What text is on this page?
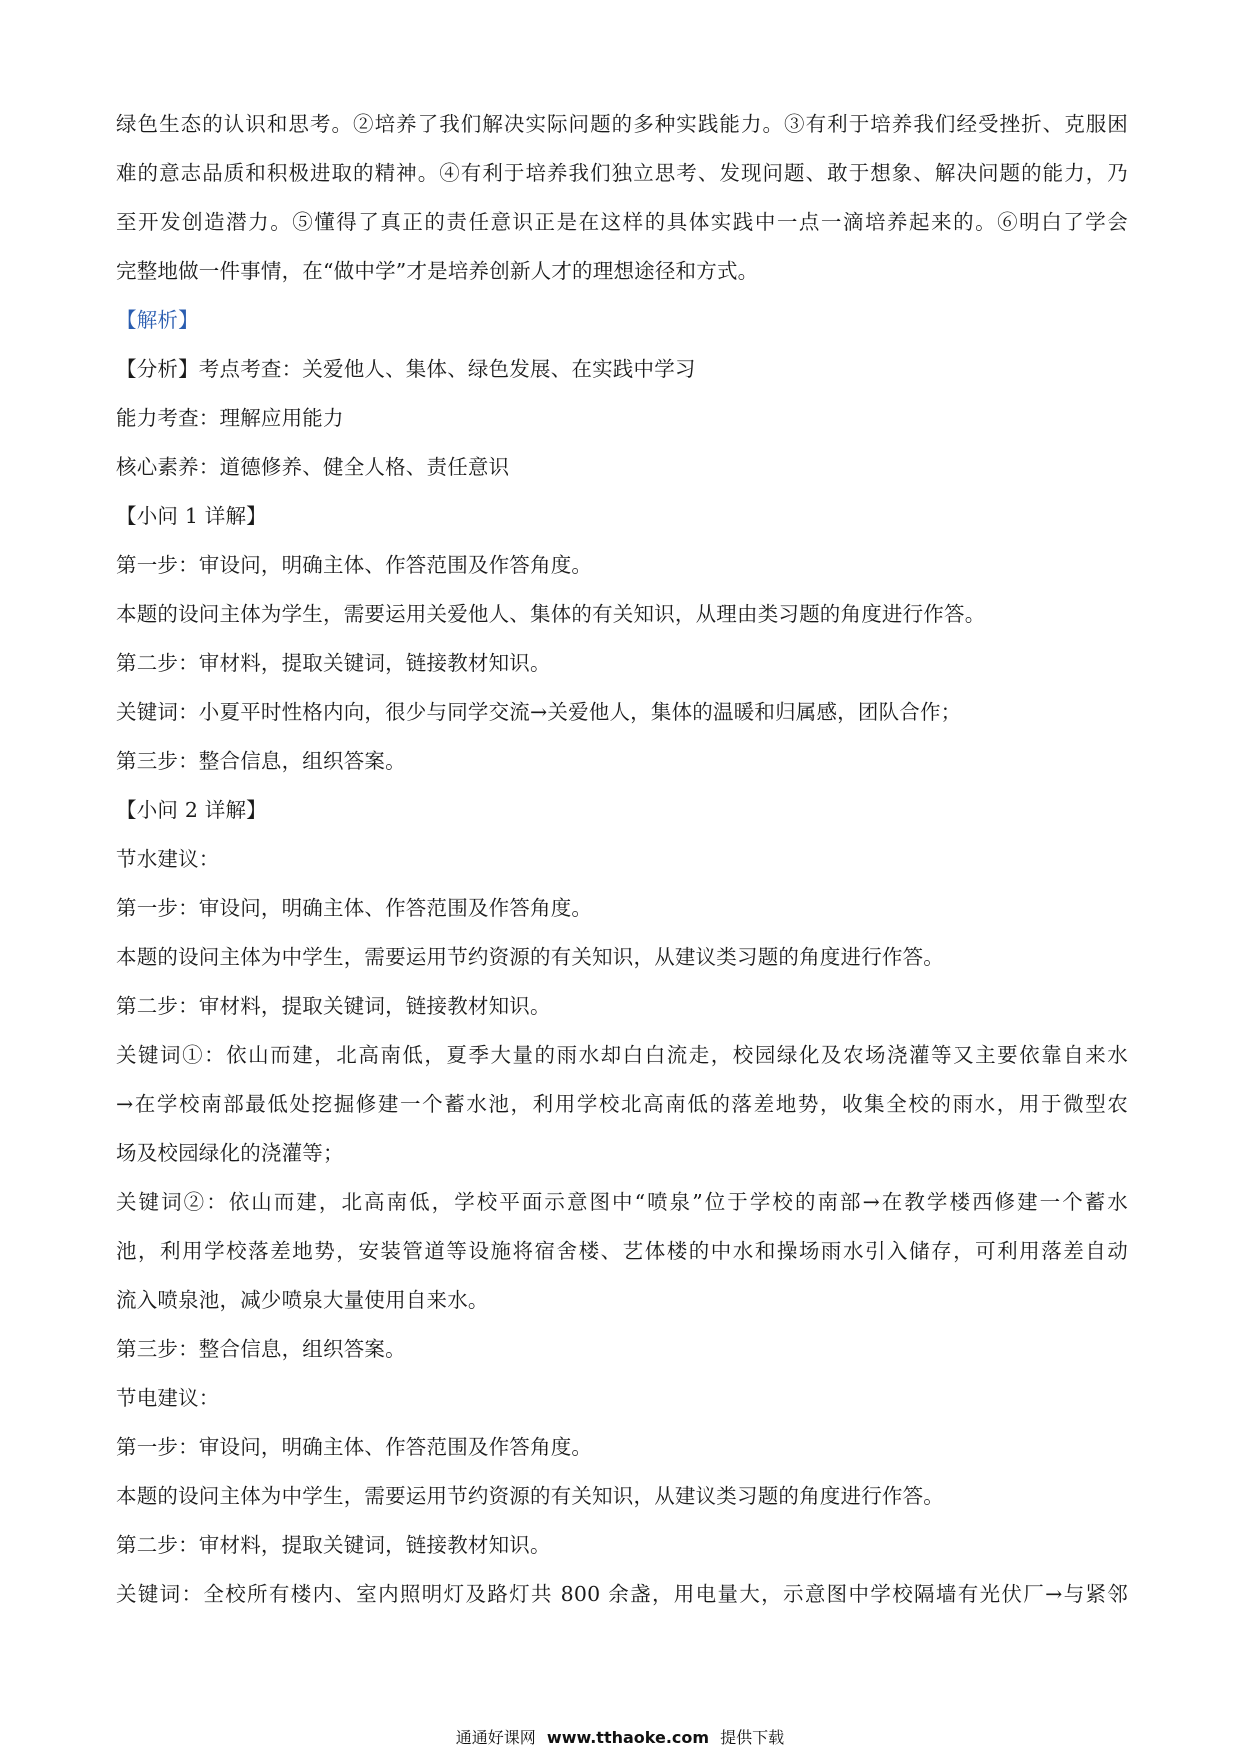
绿色生态的认识和思考。②培养了我们解决实际问题的多种实践能力。③有利于培养我们经受挫折、克服困
难的意志品质和积极进取的精神。④有利于培养我们独立思考、发现问题、敢于想象、解决问题的能力，乃
至开发创造潜力。⑤懂得了真正的责任意识正是在这样的具体实践中一点一滴培养起来的。⑥明白了学会
完整地做一件事情，在“做中学”才是培养创新人才的理想途径和方式。
【解析】
【分析】考点考查：关爱他人、集体、绿色发展、在实践中学习
能力考查：理解应用能力
核心素养：道德修养、健全人格、责任意识
【小问 1 详解】
第一步：审设问，明确主体、作答范围及作答角度。
本题的设问主体为学生，需要运用关爱他人、集体的有关知识，从理由类习题的角度进行作答。
第二步：审材料，提取关键词，链接教材知识。
关键词：小夏平时性格内向，很少与同学交流→关爱他人，集体的温暖和归属感，团队合作；
第三步：整合信息，组织答案。
【小问 2 详解】
节水建议：
第一步：审设问，明确主体、作答范围及作答角度。
本题的设问主体为中学生，需要运用节约资源的有关知识，从建议类习题的角度进行作答。
第二步：审材料，提取关键词，链接教材知识。
关键词①：依山而建，北高南低，夏季大量的雨水却白白流走，校园绿化及农场浇灌等又主要依靠自来水
→在学校南部最低处挖掘修建一个蓄水池，利用学校北高南低的落差地势，收集全校的雨水，用于微型农
场及校园绿化的浇灌等；
关键词②：依山而建，北高南低，学校平面示意图中“喷泉”位于学校的南部→在教学楼西修建一个蓄水
池，利用学校落差地势，安装管道等设施将宿舍楼、艺体楼的中水和操场雨水引入储存，可利用落差自动
流入喷泉池，减少喷泉大量使用自来水。
第三步：整合信息，组织答案。
节电建议：
第一步：审设问，明确主体、作答范围及作答角度。
本题的设问主体为中学生，需要运用节约资源的有关知识，从建议类习题的角度进行作答。
第二步：审材料，提取关键词，链接教材知识。
关键词：全校所有楼内、室内照明灯及路灯共 800 余盏，用电量大，示意图中学校隔墙有光伏厂→与紧邻
通通好课网 www.tthaoke.com 提供下载
